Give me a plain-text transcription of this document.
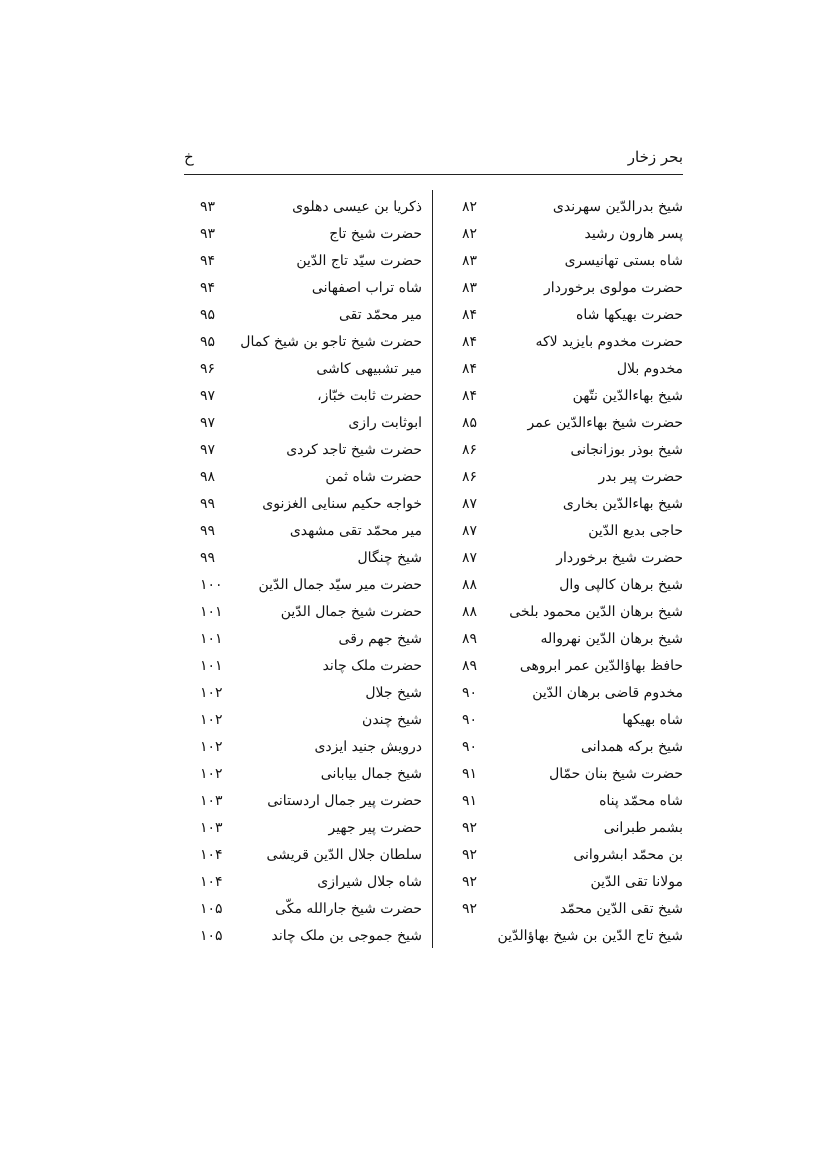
بحر زخار
خ
شیخ بدرالدّین سهرندی
۸۲
پسر هارون رشید
۸۲
شاه بستی تهانیسری
۸۳
حضرت مولوی برخوردار
۸۳
حضرت بهیکها شاه
۸۴
حضرت مخدوم بایزید لاکه
۸۴
مخدوم بلال
۸۴
شیخ بهاءالدّین نتّهن
۸۴
حضرت شیخ بهاءالدّین عمر
۸۵
شیخ بوذر بوزانجانی
۸۶
حضرت پیر بدر
۸۶
شیخ بهاءالدّین بخاری
۸۷
حاجی بدیع الدّین
۸۷
حضرت شیخ برخوردار
۸۷
شیخ برهان کالپی وال
۸۸
شیخ برهان الدّین محمود بلخی
۸۸
شیخ برهان الدّین نهرواله
۸۹
حافظ بهاؤالدّین عمر ابروهی
۸۹
مخدوم قاضی برهان الدّین
۹۰
شاه بهیکها
۹۰
شیخ برکه همدانی
۹۰
حضرت شیخ بنان حمّال
۹۱
شاه محمّد پناه
۹۱
بشمر طبرانی
۹۲
بن محمّد ابشروانی
۹۲
مولانا تقی الدّین
۹۲
شیخ تقی الدّین محمّد
۹۲
شیخ تاج الدّین بن شیخ بهاؤالدّین
ذکریا بن عیسی دهلوی
۹۳
حضرت شیخ تاج
۹۳
حضرت سیّد تاج الدّین
۹۴
شاه تراب اصفهانی
۹۴
میر محمّد تقی
۹۵
حضرت شیخ تاجو بن شیخ کمال
۹۵
میر تشبیهی کاشی
۹۶
حضرت ثابت خبّاز،
۹۷
ابوثابت رازی
۹۷
حضرت شیخ تاجد کردی
۹۷
حضرت شاه ثمن
۹۸
خواجه حکیم سنایی الغزنوی
۹۹
میر محمّد تقی مشهدی
۹۹
شیخ چنگال
۹۹
حضرت میر سیّد جمال الدّین
۱۰۰
حضرت شیخ جمال الدّین
۱۰۱
شیخ جهم رقی
۱۰۱
حضرت ملک چاند
۱۰۱
شیخ جلال
۱۰۲
شیخ چندن
۱۰۲
درویش جنید ایزدی
۱۰۲
شیخ جمال بیابانی
۱۰۲
حضرت پیر جمال اردستانی
۱۰۳
حضرت پیر جهیر
۱۰۳
سلطان جلال الدّین قریشی
۱۰۴
شاه جلال شیرازی
۱۰۴
حضرت شیخ جارالله مکّی
۱۰۵
شیخ جموجی بن ملک چاند
۱۰۵
